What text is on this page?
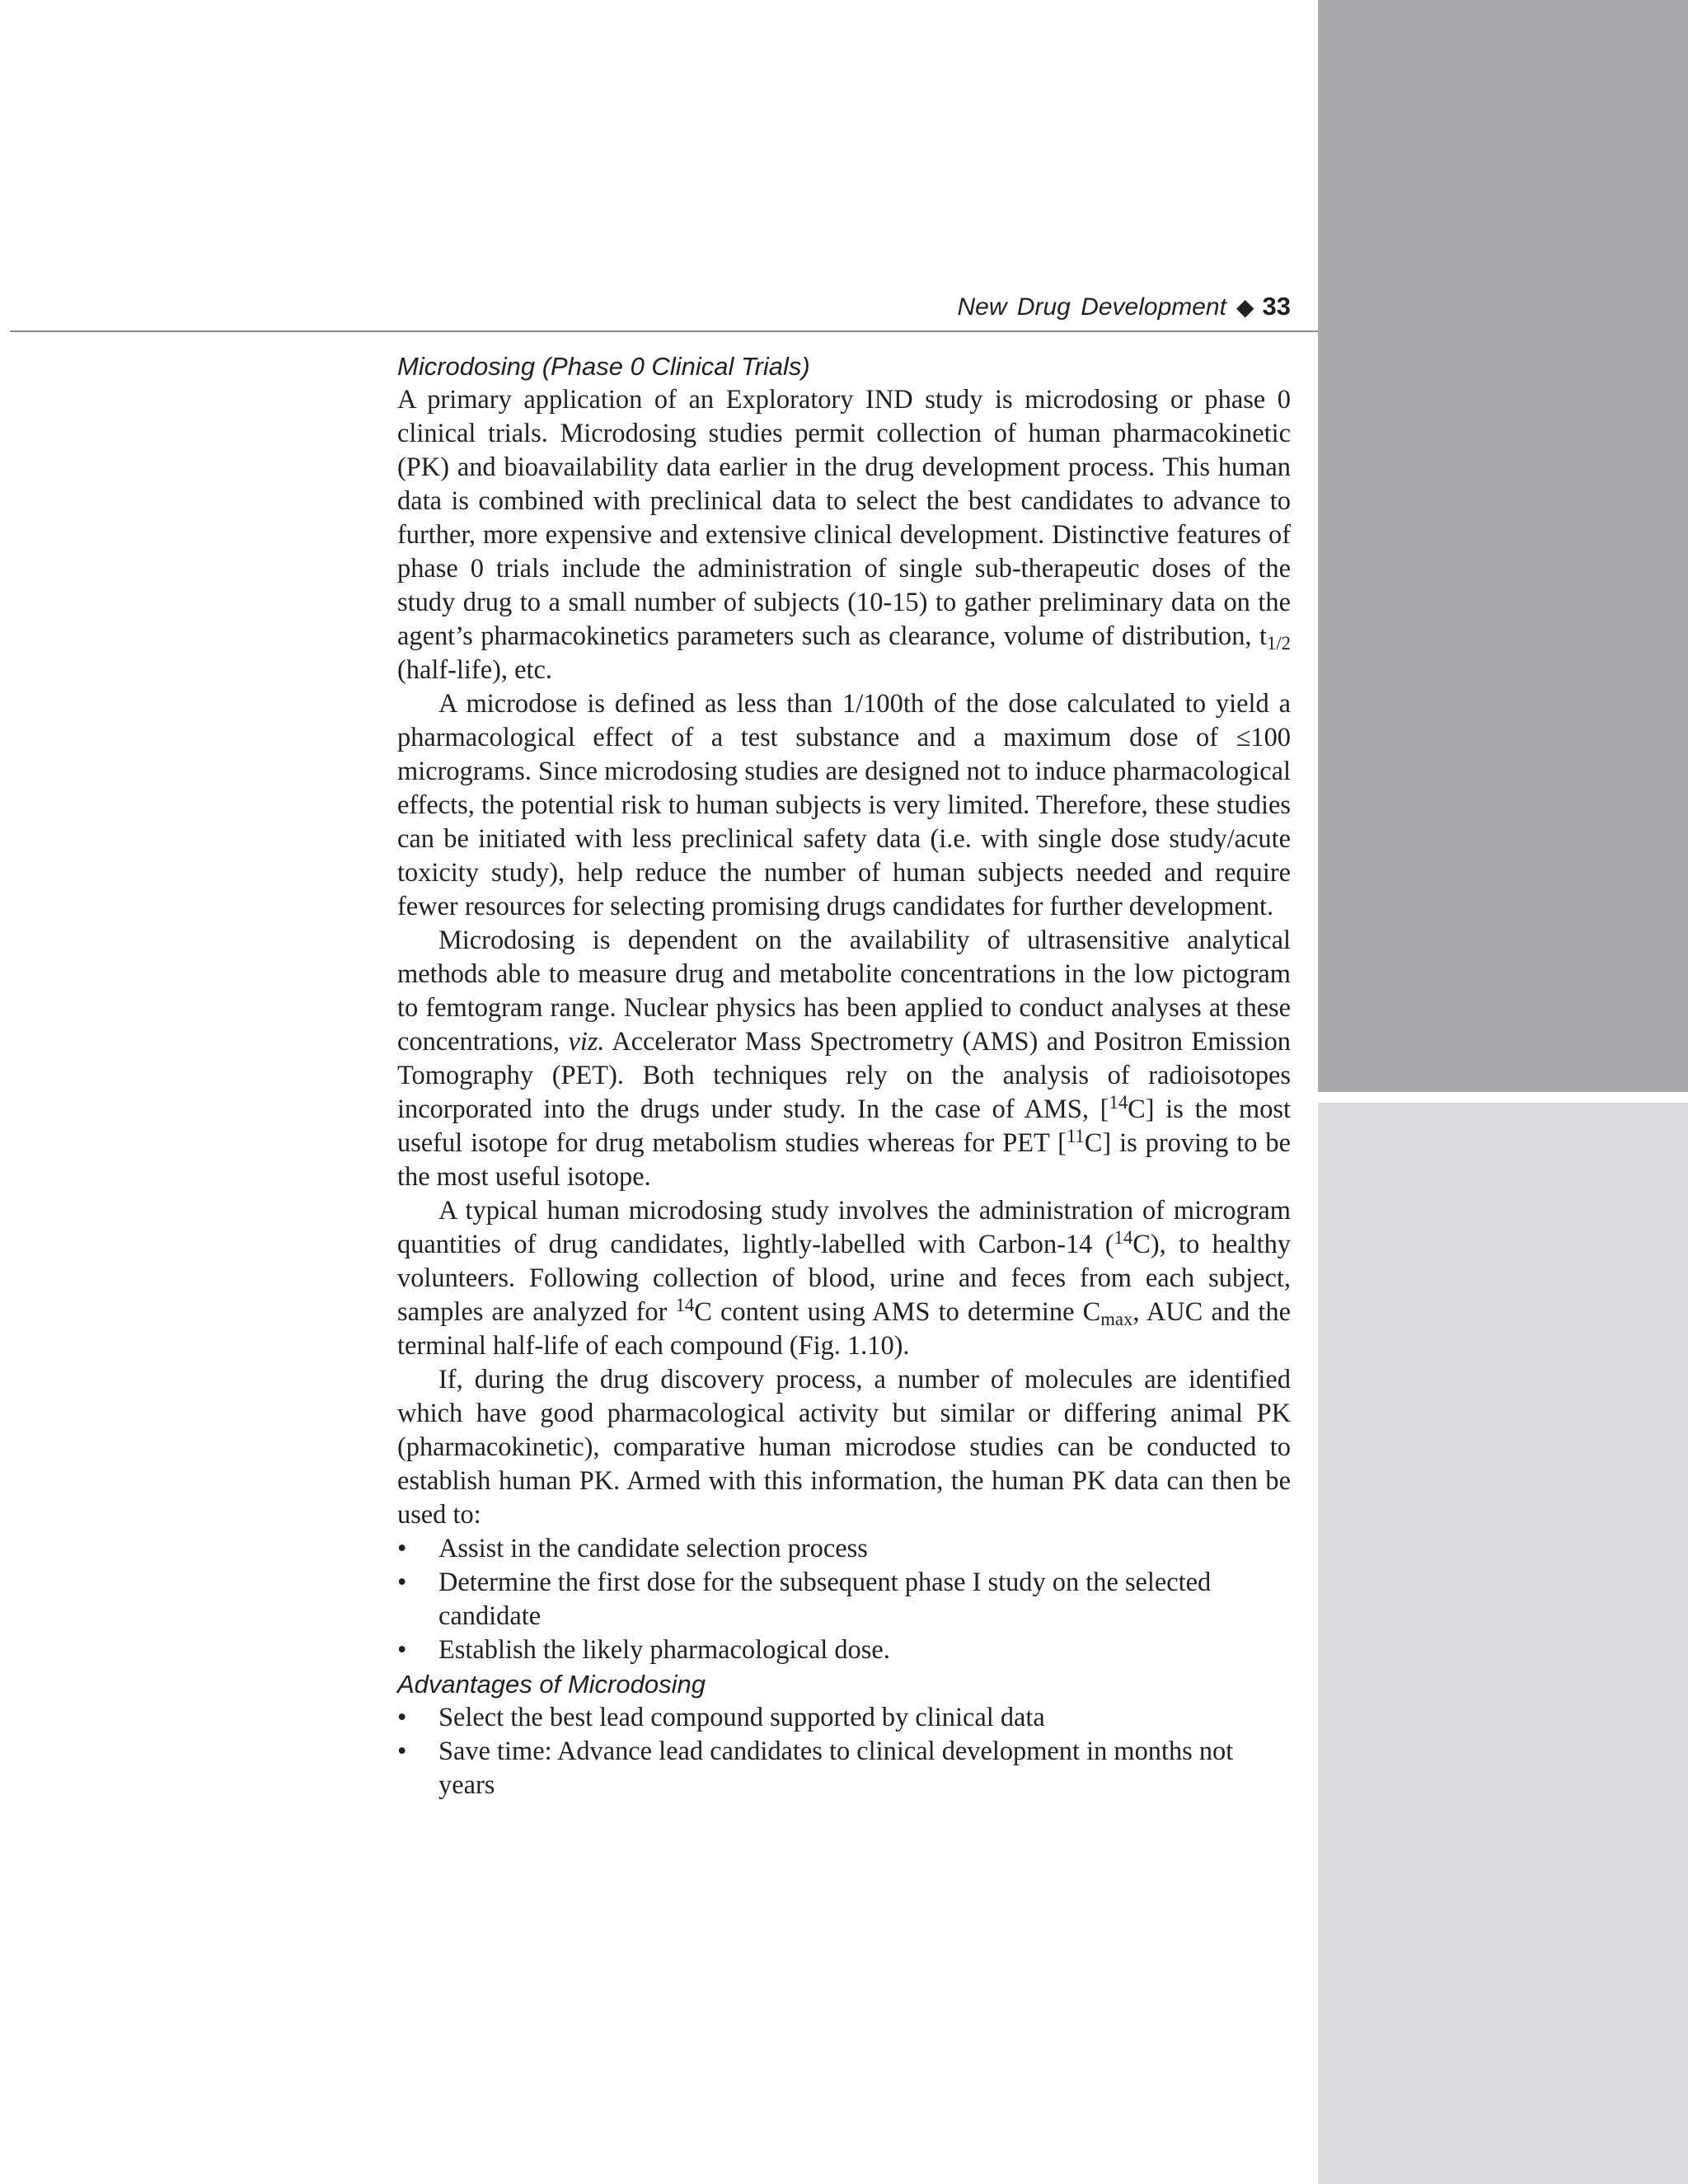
New Drug Development ◆ 33
Microdosing (Phase 0 Clinical Trials)

A primary application of an Exploratory IND study is microdosing or phase 0 clinical trials. Microdosing studies permit collection of human pharmacokinetic (PK) and bioavailability data earlier in the drug development process. This human data is combined with preclinical data to select the best candidates to advance to further, more expensive and extensive clinical development. Distinctive features of phase 0 trials include the administration of single sub-therapeutic doses of the study drug to a small number of subjects (10-15) to gather preliminary data on the agent’s pharmacokinetics parameters such as clearance, volume of distribution, $t_{1/2}$ (half-life), etc.

A microdose is defined as less than 1/100th of the dose calculated to yield a pharmacological effect of a test substance and a maximum dose of ≤100 micrograms. Since microdosing studies are designed not to induce pharmacological effects, the potential risk to human subjects is very limited. Therefore, these studies can be initiated with less preclinical safety data (i.e. with single dose study/acute toxicity study), help reduce the number of human subjects needed and require fewer resources for selecting promising drugs candidates for further development.

Microdosing is dependent on the availability of ultrasensitive analytical methods able to measure drug and metabolite concentrations in the low pictogram to femtogram range. Nuclear physics has been applied to conduct analyses at these concentrations, viz. Accelerator Mass Spectrometry (AMS) and Positron Emission Tomography (PET). Both techniques rely on the analysis of radioisotopes incorporated into the drugs under study. In the case of AMS, [$^{14}$C] is the most useful isotope for drug metabolism studies whereas for PET [$^{11}$C] is proving to be the most useful isotope.

A typical human microdosing study involves the administration of microgram quantities of drug candidates, lightly-labelled with Carbon-14 ($^{14}$C), to healthy volunteers. Following collection of blood, urine and feces from each subject, samples are analyzed for $^{14}$C content using AMS to determine $C_{max}$, AUC and the terminal half-life of each compound (Fig. 1.10).

If, during the drug discovery process, a number of molecules are identified which have good pharmacological activity but similar or differing animal PK (pharmacokinetic), comparative human microdose studies can be conducted to establish human PK. Armed with this information, the human PK data can then be used to:

• Assist in the candidate selection process
• Determine the first dose for the subsequent phase I study on the selected candidate
• Establish the likely pharmacological dose.
Advantages of Microdosing
• Select the best lead compound supported by clinical data
• Save time: Advance lead candidates to clinical development in months not years
